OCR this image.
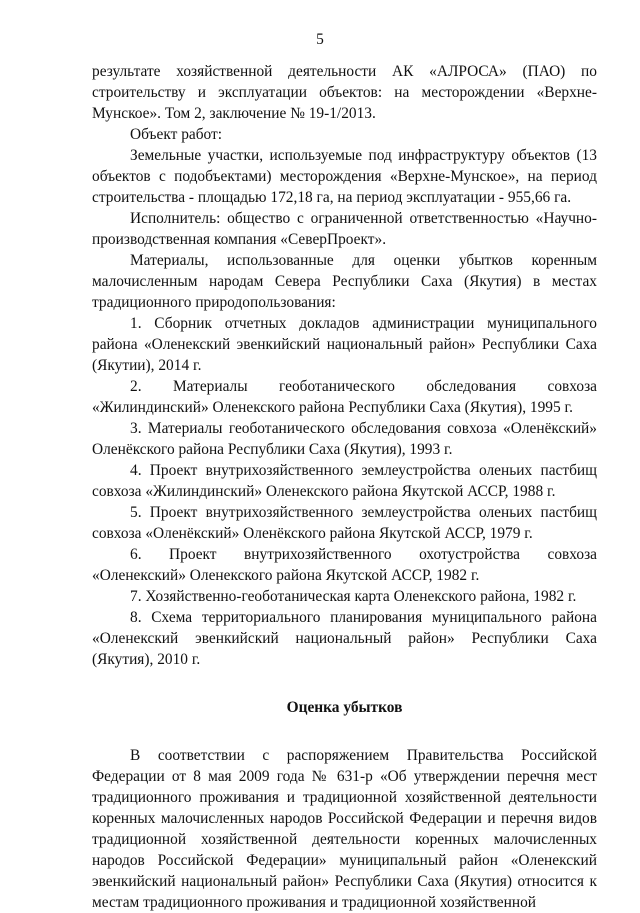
5

результате хозяйственной деятельности АК «АЛРОСА» (ПАО) по строительству и эксплуатации объектов: на месторождении «Верхне-Мунское». Том 2, заключение № 19-1/2013.

Объект работ:

Земельные участки, используемые под инфраструктуру объектов (13 объектов с подобъектами) месторождения «Верхне-Мунское», на период строительства - площадью 172,18 га, на период эксплуатации - 955,66 га.

Исполнитель: общество с ограниченной ответственностью «Научно-производственная компания «СеверПроект».

Материалы, использованные для оценки убытков коренным малочисленным народам Севера Республики Саха (Якутия) в местах традиционного природопользования:

1. Сборник отчетных докладов администрации муниципального района «Оленекский эвенкийский национальный район» Республики Саха (Якутии), 2014 г.

2. Материалы геоботанического обследования совхоза «Жилиндинский» Оленекского района Республики Саха (Якутия), 1995 г.

3. Материалы геоботанического обследования совхоза «Оленёкский» Оленёкского района Республики Саха (Якутия), 1993 г.

4. Проект внутрихозяйственного землеустройства оленьих пастбищ совхоза «Жилиндинский» Оленекского района Якутской АССР, 1988 г.

5. Проект внутрихозяйственного землеустройства оленьих пастбищ совхоза «Оленёкский» Оленёкского района Якутской АССР, 1979 г.

6. Проект внутрихозяйственного охотустройства совхоза «Оленекский» Оленекского района Якутской АССР, 1982 г.

7. Хозяйственно-геоботаническая карта Оленекского района, 1982 г.

8. Схема территориального планирования муниципального района «Оленекский эвенкийский национальный район» Республики Саха (Якутия), 2010 г.

Оценка убытков

В соответствии с распоряжением Правительства Российской Федерации от 8 мая 2009 года № 631-р «Об утверждении перечня мест традиционного проживания и традиционной хозяйственной деятельности коренных малочисленных народов Российской Федерации и перечня видов традиционной хозяйственной деятельности коренных малочисленных народов Российской Федерации» муниципальный район «Оленекский эвенкийский национальный район» Республики Саха (Якутия) относится к местам традиционного проживания и традиционной хозяйственной
